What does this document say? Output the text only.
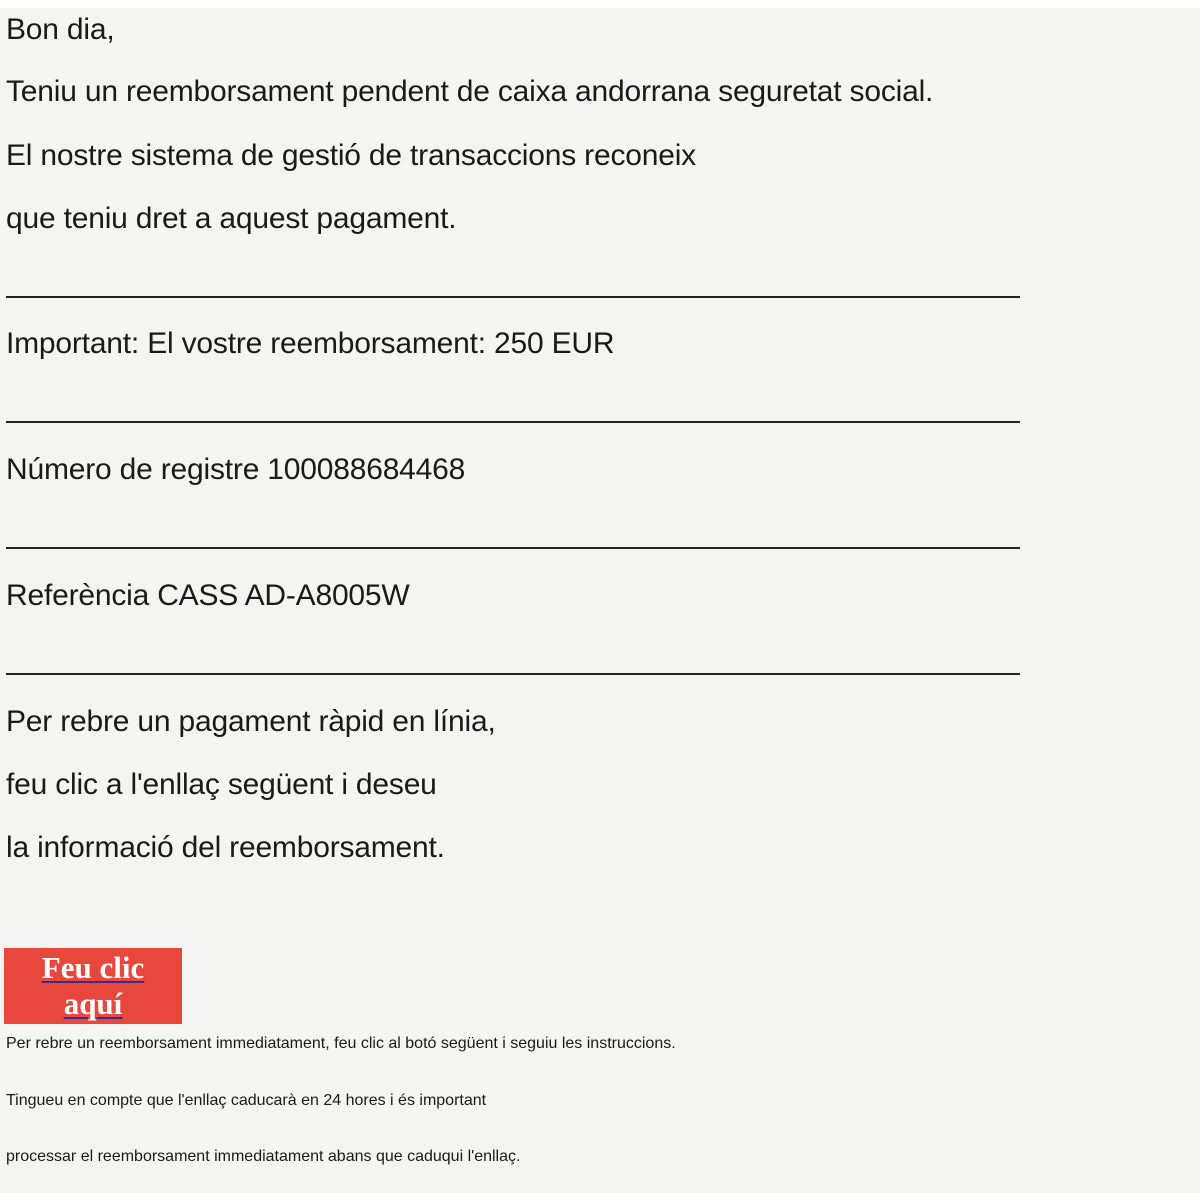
Bon dia,
Teniu un reemborsament pendent de caixa andorrana seguretat social.
El nostre sistema de gestió de transaccions reconeix
que teniu dret a aquest pagament.
Important: El vostre reemborsament: 250 EUR
Número de registre 100088684468
Referència CASS AD-A8005W
Per rebre un pagament ràpid en línia,
feu clic a l'enllaç següent i deseu
la informació del reemborsament.
Feu clic aquí
Per rebre un reemborsament immediatament, feu clic al botó següent i seguiu les instruccions.
Tingueu en compte que l'enllaç caducarà en 24 hores i és important
processar el reemborsament immediatament abans que caduqui l'enllaç.
